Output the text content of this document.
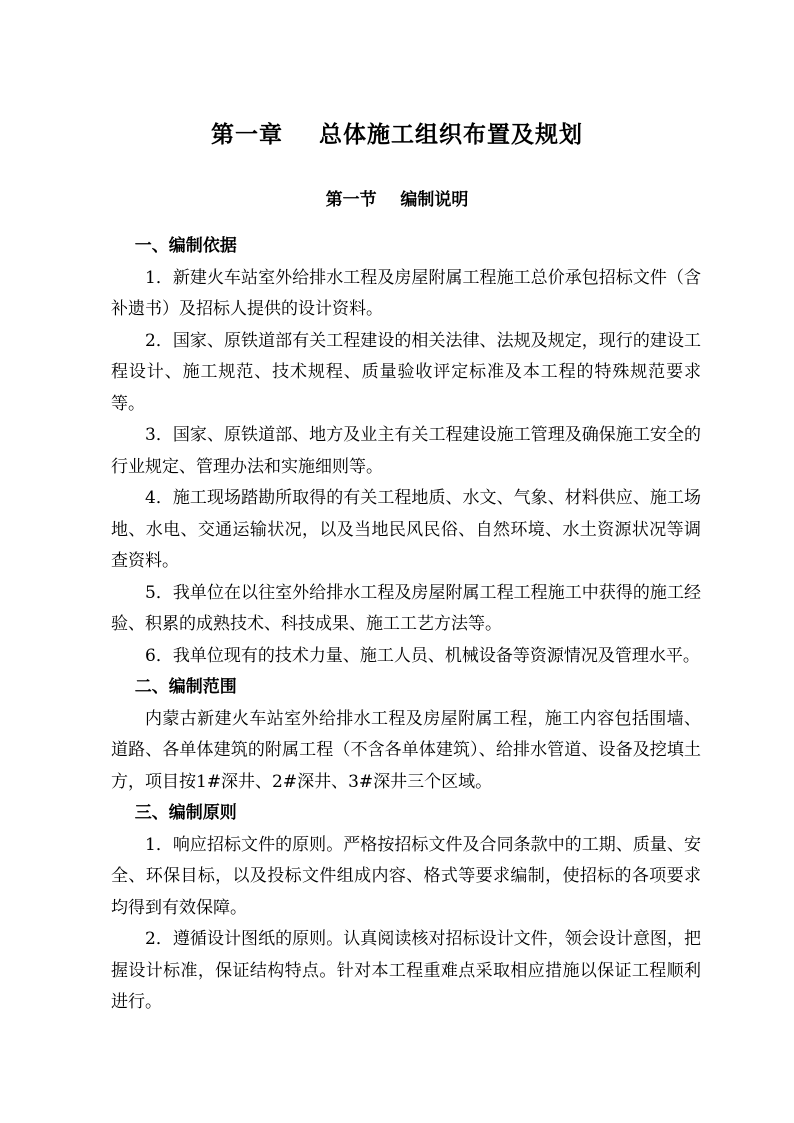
第一章    总体施工组织布置及规划
第一节    编制说明
一、编制依据

1．新建火车站室外给排水工程及房屋附属工程施工总价承包招标文件（含补遗书）及招标人提供的设计资料。

2．国家、原铁道部有关工程建设的相关法律、法规及规定，现行的建设工程设计、施工规范、技术规程、质量验收评定标准及本工程的特殊规范要求等。

3．国家、原铁道部、地方及业主有关工程建设施工管理及确保施工安全的行业规定、管理办法和实施细则等。

4．施工现场踏勘所取得的有关工程地质、水文、气象、材料供应、施工场地、水电、交通运输状况，以及当地民风民俗、自然环境、水土资源状况等调查资料。

5．我单位在以往室外给排水工程及房屋附属工程工程施工中获得的施工经验、积累的成熟技术、科技成果、施工工艺方法等。

6．我单位现有的技术力量、施工人员、机械设备等资源情况及管理水平。

二、编制范围

内蒙古新建火车站室外给排水工程及房屋附属工程，施工内容包括围墙、道路、各单体建筑的附属工程（不含各单体建筑）、给排水管道、设备及挖填土方，项目按1#深井、2#深井、3#深井三个区域。

三、编制原则

1．响应招标文件的原则。严格按招标文件及合同条款中的工期、质量、安全、环保目标，以及投标文件组成内容、格式等要求编制，使招标的各项要求均得到有效保障。

2．遵循设计图纸的原则。认真阅读核对招标设计文件，领会设计意图，把握设计标准，保证结构特点。针对本工程重难点采取相应措施以保证工程顺利进行。
